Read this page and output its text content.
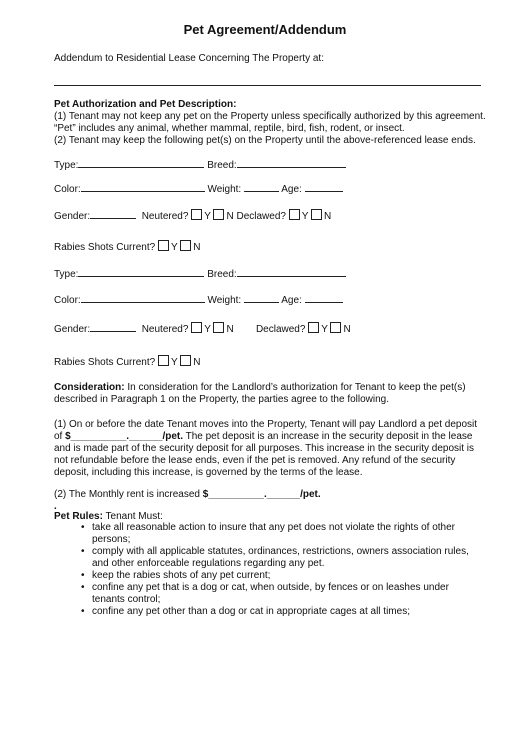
Pet Agreement/Addendum
Addendum to Residential Lease Concerning The Property at:
Pet Authorization and Pet Description:
(1) Tenant may not keep any pet on the Property unless specifically authorized by this agreement.
“Pet” includes any animal, whether mammal, reptile, bird, fish, rodent, or insect.
(2) Tenant may keep the following pet(s) on the Property until the above-referenced lease ends.
Type:	Breed:
Color:	Weight:	Age:
Gender:	Neutered? Y N Declawed? Y N
Rabies Shots Current? Y N
Type:	Breed:
Color:	Weight:	Age:
Gender:	Neutered? Y N Declawed? Y N
Rabies Shots Current? Y N
Consideration: In consideration for the Landlord’s authorization for Tenant to keep the pet(s) described in Paragraph 1 on the Property, the parties agree to the following.
(1) On or before the date Tenant moves into the Property, Tenant will pay Landlord a pet deposit of $__________.______/pet. The pet deposit is an increase in the security deposit in the lease and is made part of the security deposit for all purposes. This increase in the security deposit is not refundable before the lease ends, even if the pet is removed. Any refund of the security deposit, including this increase, is governed by the terms of the lease.
(2) The Monthly rent is increased $__________.______/pet.
.
Pet Rules: Tenant Must:
• take all reasonable action to insure that any pet does not violate the rights of other persons;
• comply with all applicable statutes, ordinances, restrictions, owners association rules, and other enforceable regulations regarding any pet.
• keep the rabies shots of any pet current;
• confine any pet that is a dog or cat, when outside, by fences or on leashes under tenants control;
• confine any pet other than a dog or cat in appropriate cages at all times;
